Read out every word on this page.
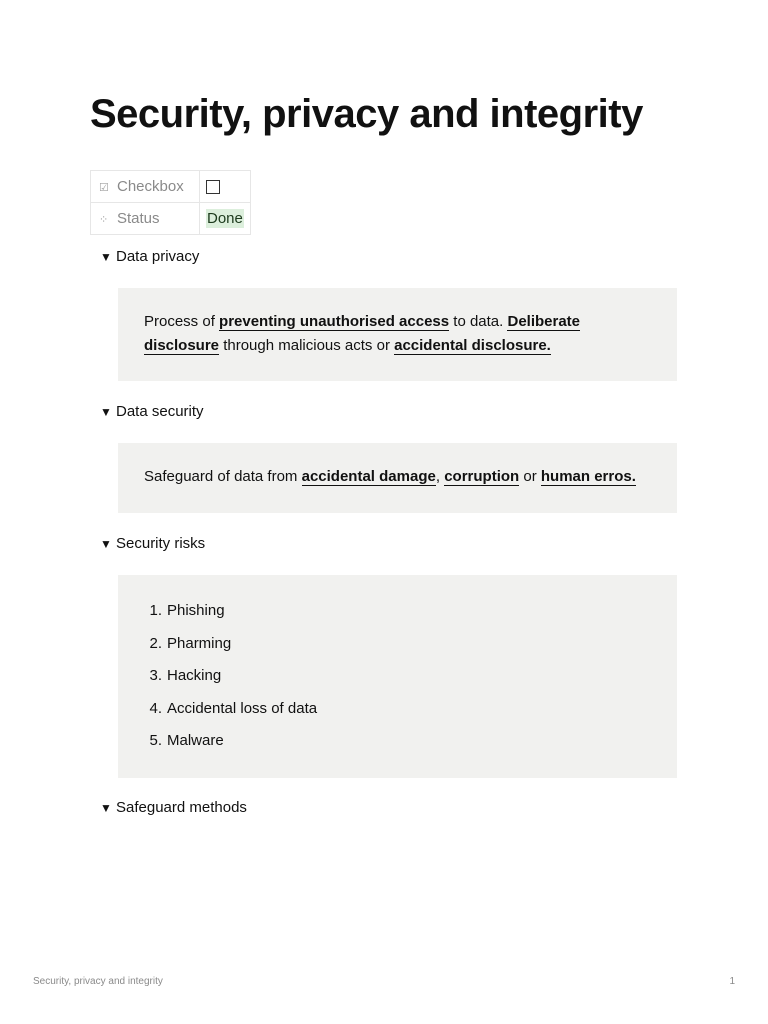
Security, privacy and integrity
☑ Checkbox	
⁘ Status	Done
▼ Data privacy
Process of preventing unauthorised access to data. Deliberate disclosure through malicious acts or accidental disclosure.
▼ Data security
Safeguard of data from accidental damage, corruption or human erros.
▼ Security risks
1. Phishing
2. Pharming
3. Hacking
4. Accidental loss of data
5. Malware
▼ Safeguard methods
Security, privacy and integrity	1
